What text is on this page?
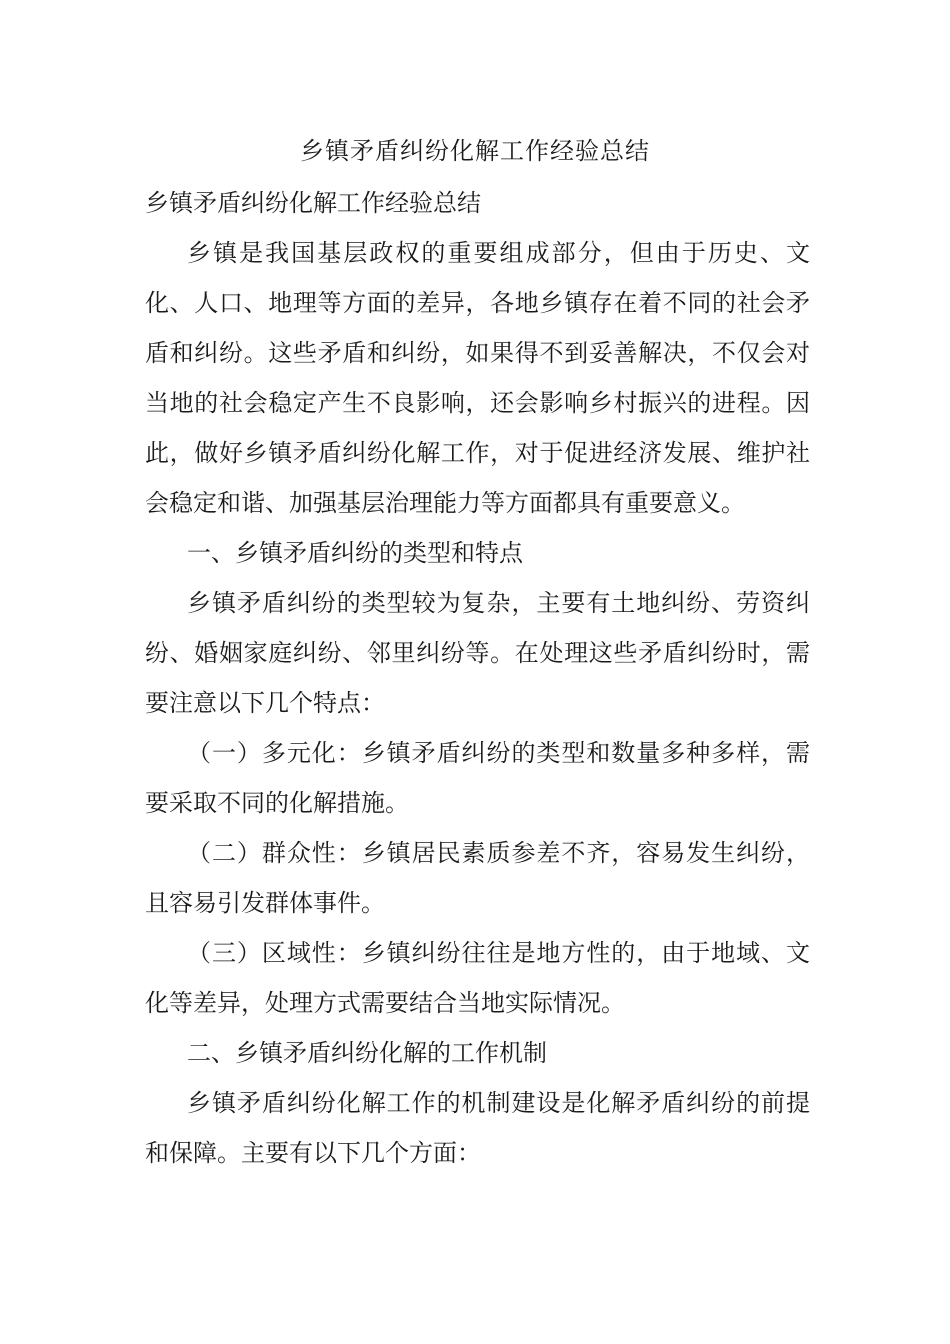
乡镇矛盾纠纷化解工作经验总结

乡镇矛盾纠纷化解工作经验总结

乡镇是我国基层政权的重要组成部分，但由于历史、文化、人口、地理等方面的差异，各地乡镇存在着不同的社会矛盾和纠纷。这些矛盾和纠纷，如果得不到妥善解决，不仅会对当地的社会稳定产生不良影响，还会影响乡村振兴的进程。因此，做好乡镇矛盾纠纷化解工作，对于促进经济发展、维护社会稳定和谐、加强基层治理能力等方面都具有重要意义。

一、乡镇矛盾纠纷的类型和特点

乡镇矛盾纠纷的类型较为复杂，主要有土地纠纷、劳资纠纷、婚姻家庭纠纷、邻里纠纷等。在处理这些矛盾纠纷时，需要注意以下几个特点：

（一）多元化：乡镇矛盾纠纷的类型和数量多种多样，需要采取不同的化解措施。

（二）群众性：乡镇居民素质参差不齐，容易发生纠纷，且容易引发群体事件。

（三）区域性：乡镇纠纷往往是地方性的，由于地域、文化等差异，处理方式需要结合当地实际情况。

二、乡镇矛盾纠纷化解的工作机制

乡镇矛盾纠纷化解工作的机制建设是化解矛盾纠纷的前提和保障。主要有以下几个方面：
